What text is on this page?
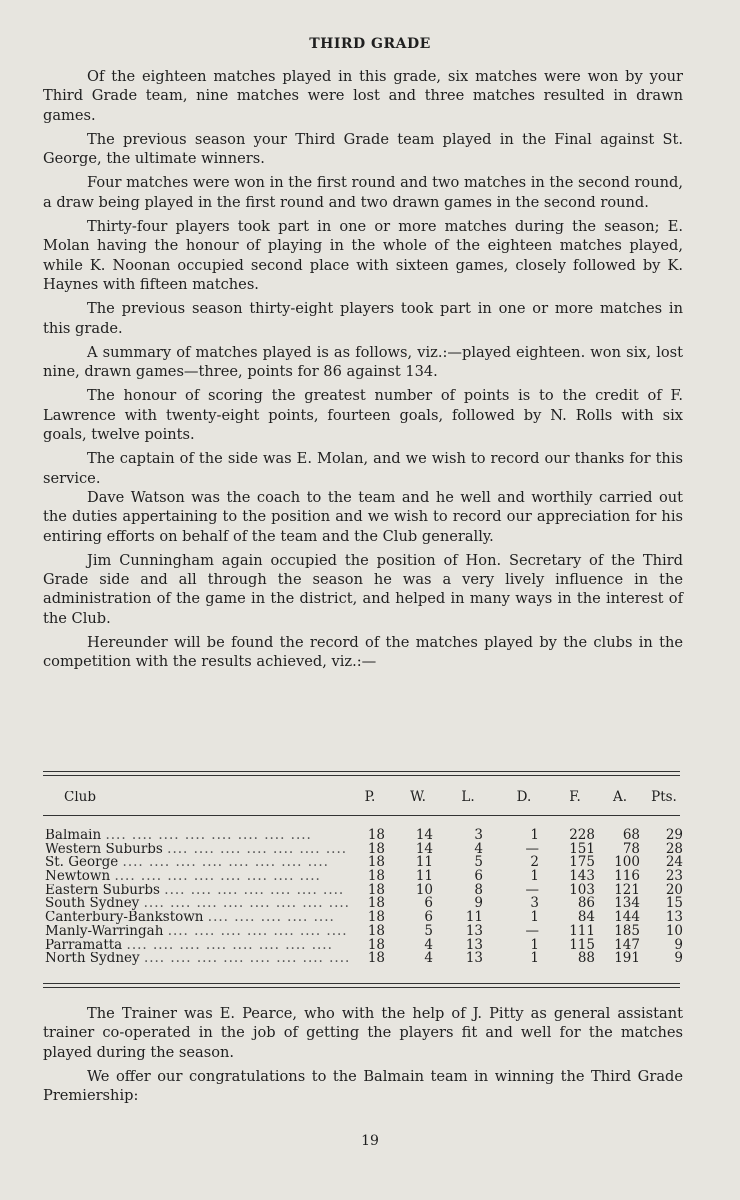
THIRD GRADE

Of the eighteen matches played in this grade, six matches were won by your Third Grade team, nine matches were lost and three matches resulted in drawn games.

The previous season your Third Grade team played in the Final against St. George, the ultimate winners.

Four matches were won in the first round and two matches in the second round, a draw being played in the first round and two drawn games in the second round.

Thirty-four players took part in one or more matches during the season; E. Molan having the honour of playing in the whole of the eighteen matches played, while K. Noonan occupied second place with sixteen games, closely followed by K. Haynes with fifteen matches.

The previous season thirty-eight players took part in one or more matches in this grade.

A summary of matches played is as follows, viz.:—played eighteen. won six, lost nine, drawn games—three, points for 86 against 134.

The honour of scoring the greatest number of points is to the credit of F. Lawrence with twenty-eight points, fourteen goals, followed by N. Rolls with six goals, twelve points.

The captain of the side was E. Molan, and we wish to record our thanks for this service.

Dave Watson was the coach to the team and he well and worthily carried out the duties appertaining to the position and we wish to record our appreciation for his entiring efforts on behalf of the team and the Club generally.

Jim Cunningham again occupied the position of Hon. Secretary of the Third Grade side and all through the season he was a very lively influence in the administration of the game in the district, and helped in many ways in the interest of the Club.

Hereunder will be found the record of the matches played by the clubs in the competition with the results achieved, viz.:—

Club	P.	W.	L.	D.	F.	A.	Pts.
Balmain .... .... .... .... .... .... .... ....	18	14	3	1	228	68	29
Western Suburbs .... .... .... .... .... .... ....	18	14	4	—	151	78	28
St. George .... .... .... .... .... .... .... ....	18	11	5	2	175	100	24
Newtown .... .... .... .... .... .... .... ....	18	11	6	1	143	116	23
Eastern Suburbs .... .... .... .... .... .... ....	18	10	8	—	103	121	20
South Sydney .... .... .... .... .... .... .... ....	18	6	9	3	86	134	15
Canterbury-Bankstown .... .... .... .... ....	18	6	11	1	84	144	13
Manly-Warringah .... .... .... .... .... .... ....	18	5	13	—	111	185	10
Parramatta .... .... .... .... .... .... .... ....	18	4	13	1	115	147	9
North Sydney .... .... .... .... .... .... .... ....	18	4	13	1	88	191	9

The Trainer was E. Pearce, who with the help of J. Pitty as general assistant trainer co-operated in the job of getting the players fit and well for the matches played during the season.

We offer our congratulations to the Balmain team in winning the Third Grade Premiership:

19
